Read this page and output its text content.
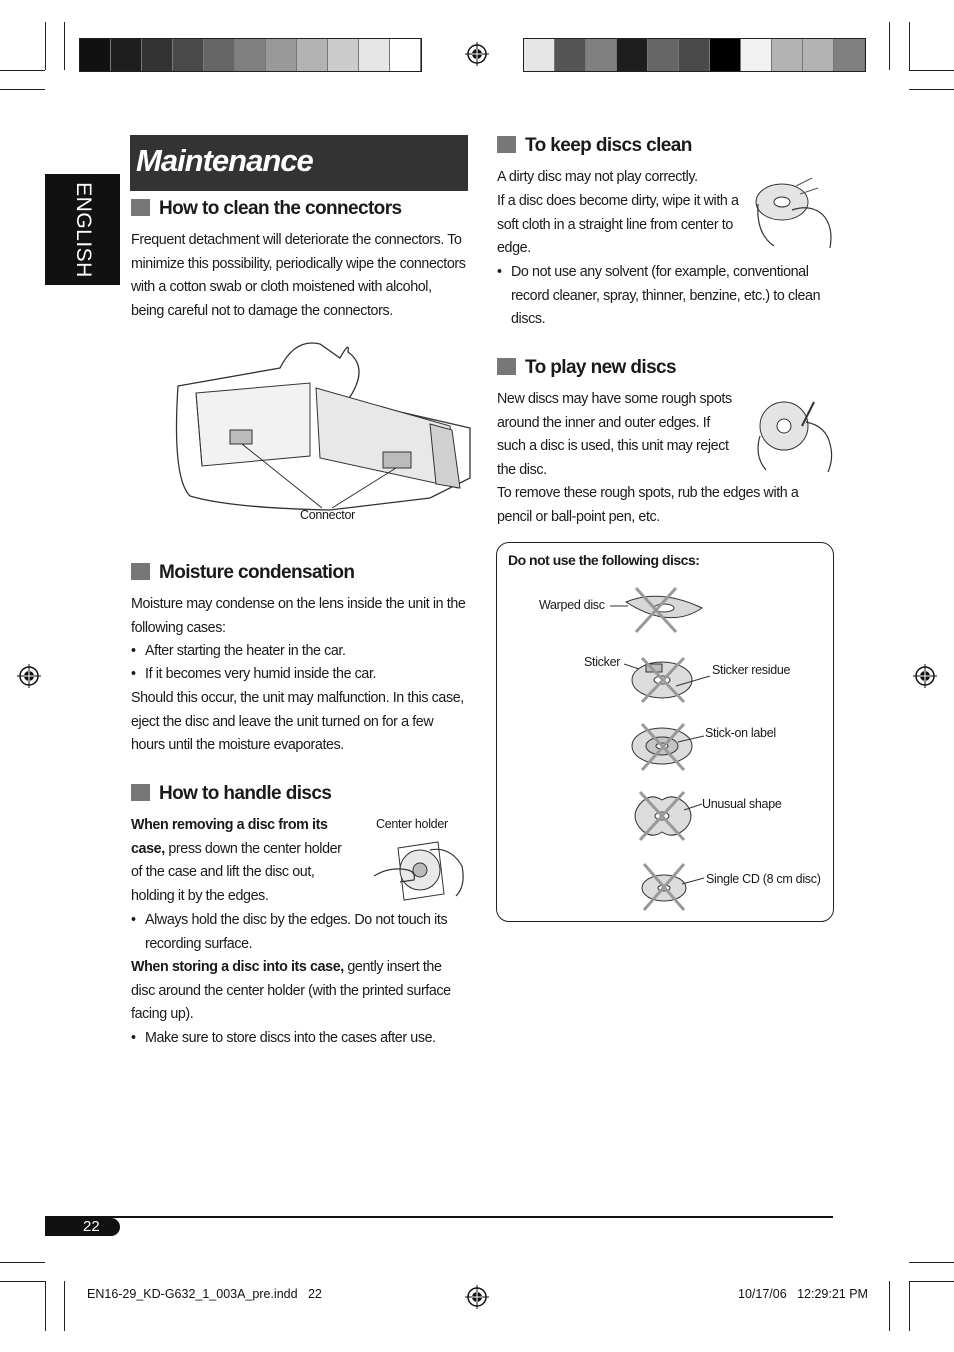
ENGLISH
Maintenance
How to clean the connectors
Frequent detachment will deteriorate the connectors. To minimize this possibility, periodically wipe the connectors with a cotton swab or cloth moistened with alcohol, being careful not to damage the connectors.
Connector
Moisture condensation
Moisture may condense on the lens inside the unit in the following cases:
• After starting the heater in the car.
• If it becomes very humid inside the car.
Should this occur, the unit may malfunction. In this case, eject the disc and leave the unit turned on for a few hours until the moisture evaporates.
How to handle discs
When removing a disc from its case, press down the center holder of the case and lift the disc out, holding it by the edges.
Center holder
• Always hold the disc by the edges. Do not touch its recording surface.
When storing a disc into its case, gently insert the disc around the center holder (with the printed surface facing up).
• Make sure to store discs into the cases after use.
To keep discs clean
A dirty disc may not play correctly.
If a disc does become dirty, wipe it with a soft cloth in a straight line from center to edge.
• Do not use any solvent (for example, conventional record cleaner, spray, thinner, benzine, etc.) to clean discs.
To play new discs
New discs may have some rough spots around the inner and outer edges. If such a disc is used, this unit may reject the disc.
To remove these rough spots, rub the edges with a pencil or ball-point pen, etc.
Do not use the following discs:
Warped disc
Sticker
Sticker residue
Stick-on label
Unusual shape
Single CD (8 cm disc)
22
EN16-29_KD-G632_1_003A_pre.indd   22	10/17/06   12:29:21 PM
